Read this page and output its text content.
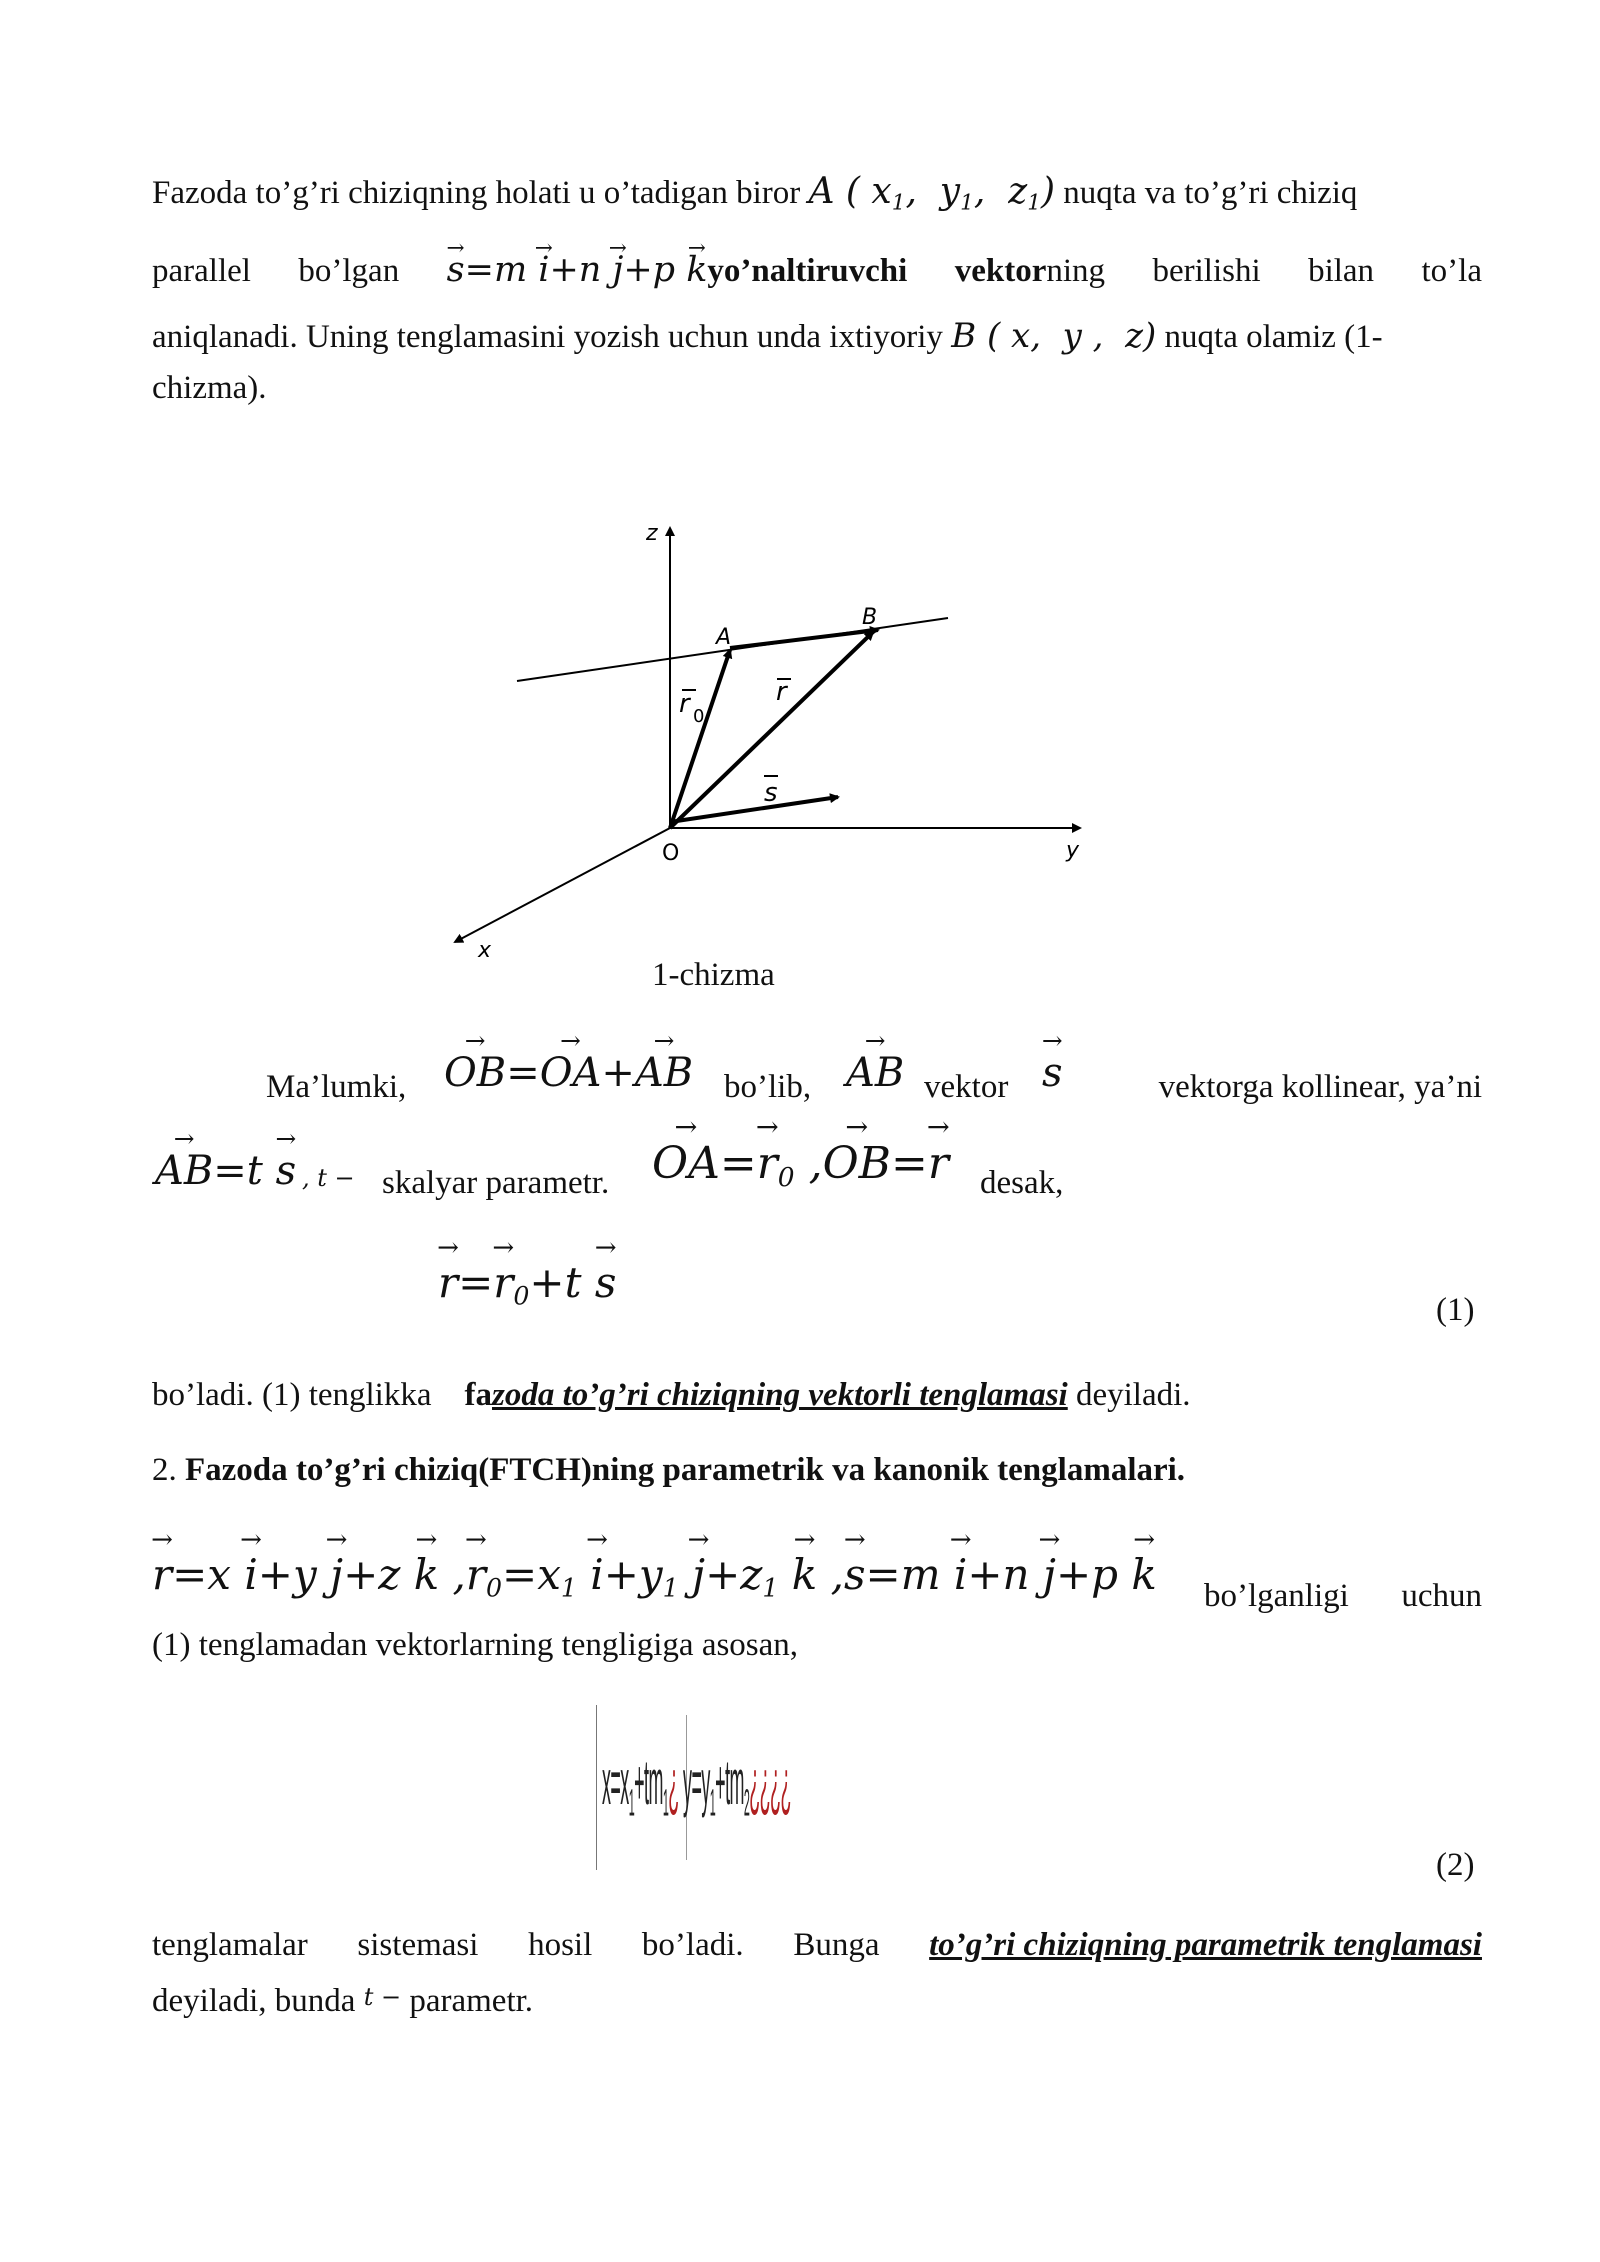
Fazoda to’g’ri chiziqning holati u o’tadigan biror A ( $x_1$,  $y_1$,  $z_1$) nuqta va to’g’ri chiziq
parallel bo’lgan → s=m → i+n → j+p → kyo’naltiruvchi vektorning berilishi bilan to’la
aniqlanadi. Uning tenglamasini yozish uchun unda ixtiyoriy B ( x,  y ,  z) nuqta olamiz (1-
chizma).
z
y
x
O
A
B
r 0
r
s
1-chizma
Ma’lumki, → OB=→ OA+→ AB bo’lib, → AB vektor → s	vektorga kollinear, ya’ni
→ AB=t → s , t − skalyar parametr. → $OA=\to r_0$ ,→ OB=→ r desak,
→ $r=\to r_0+t \to s$
(1)
bo’ladi. (1) tenglikka fazoda to’g’ri chiziqning vektorli tenglamasi deyiladi.
2. Fazoda to’g’ri chiziq(FTCH)ning parametrik va kanonik tenglamalari.
→ r=x → i+y → j+z → k ,→ $r_0=x_1 \to i+y_1 \to j+z_1 \to k$ ,→ s=m → i+n → j+p → k bo’lganligi uchun
(1) tenglamadan vektorlarning tengligiga asosan,
$x=x_1+tm_1¿$ $y=y_1+tm_2¿¿¿¿$
(2)
tenglamalar sistemasi hosil bo’ladi. Bunga to’g’ri chiziqning parametrik tenglamasi
deyiladi, bunda t − parametr.
